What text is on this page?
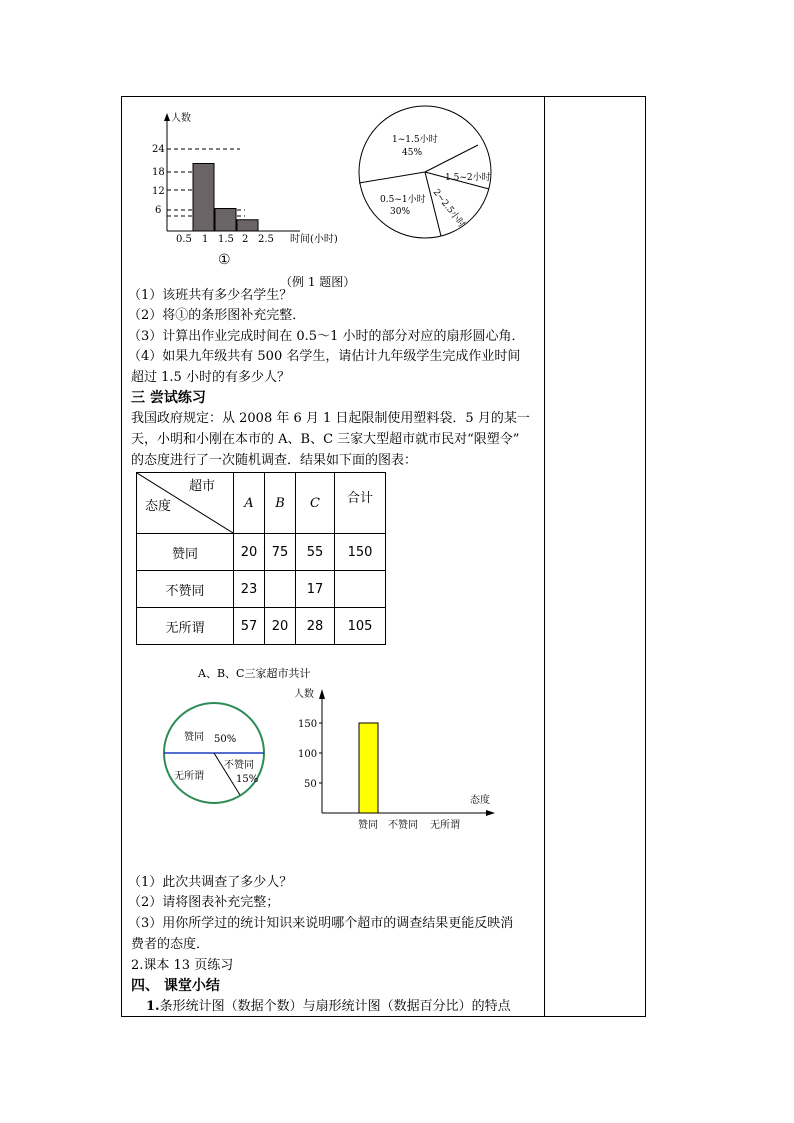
人数
24
18
12
6
0.5 1 1.5 2 2.5 时间(小时)
①
1~1.5小时
45%
1.5~2小时
2~2.5小时
0.5~1小时
30%
（例 1 题图）
（1）该班共有多少名学生？
（2）将①的条形图补充完整．
（3）计算出作业完成时间在 0.5～1 小时的部分对应的扇形圆心角．
（4）如果九年级共有 500 名学生，请估计九年级学生完成作业时间
超过 1.5 小时的有多少人？
三 尝试练习
我国政府规定：从 2008 年 6 月 1 日起限制使用塑料袋．5 月的某一
天，小明和小刚在本市的 A、B、C 三家大型超市就市民对“限塑令”
的态度进行了一次随机调查．结果如下面的图表：
超市
态度	A	B	C	合计
赞同	20	75	55	150
不赞同	23		17	
无所谓	57	20	28	105
A、B、C三家超市共计
赞同 50%
无所谓
不赞同
15%
人数
150
100
50
态度
赞同 不赞同 无所谓
（1）此次共调查了多少人？
（2）请将图表补充完整；
（3）用你所学过的统计知识来说明哪个超市的调查结果更能反映消
费者的态度．
2.课本 13 页练习
四、 课堂小结
1.条形统计图（数据个数）与扇形统计图（数据百分比）的特点
